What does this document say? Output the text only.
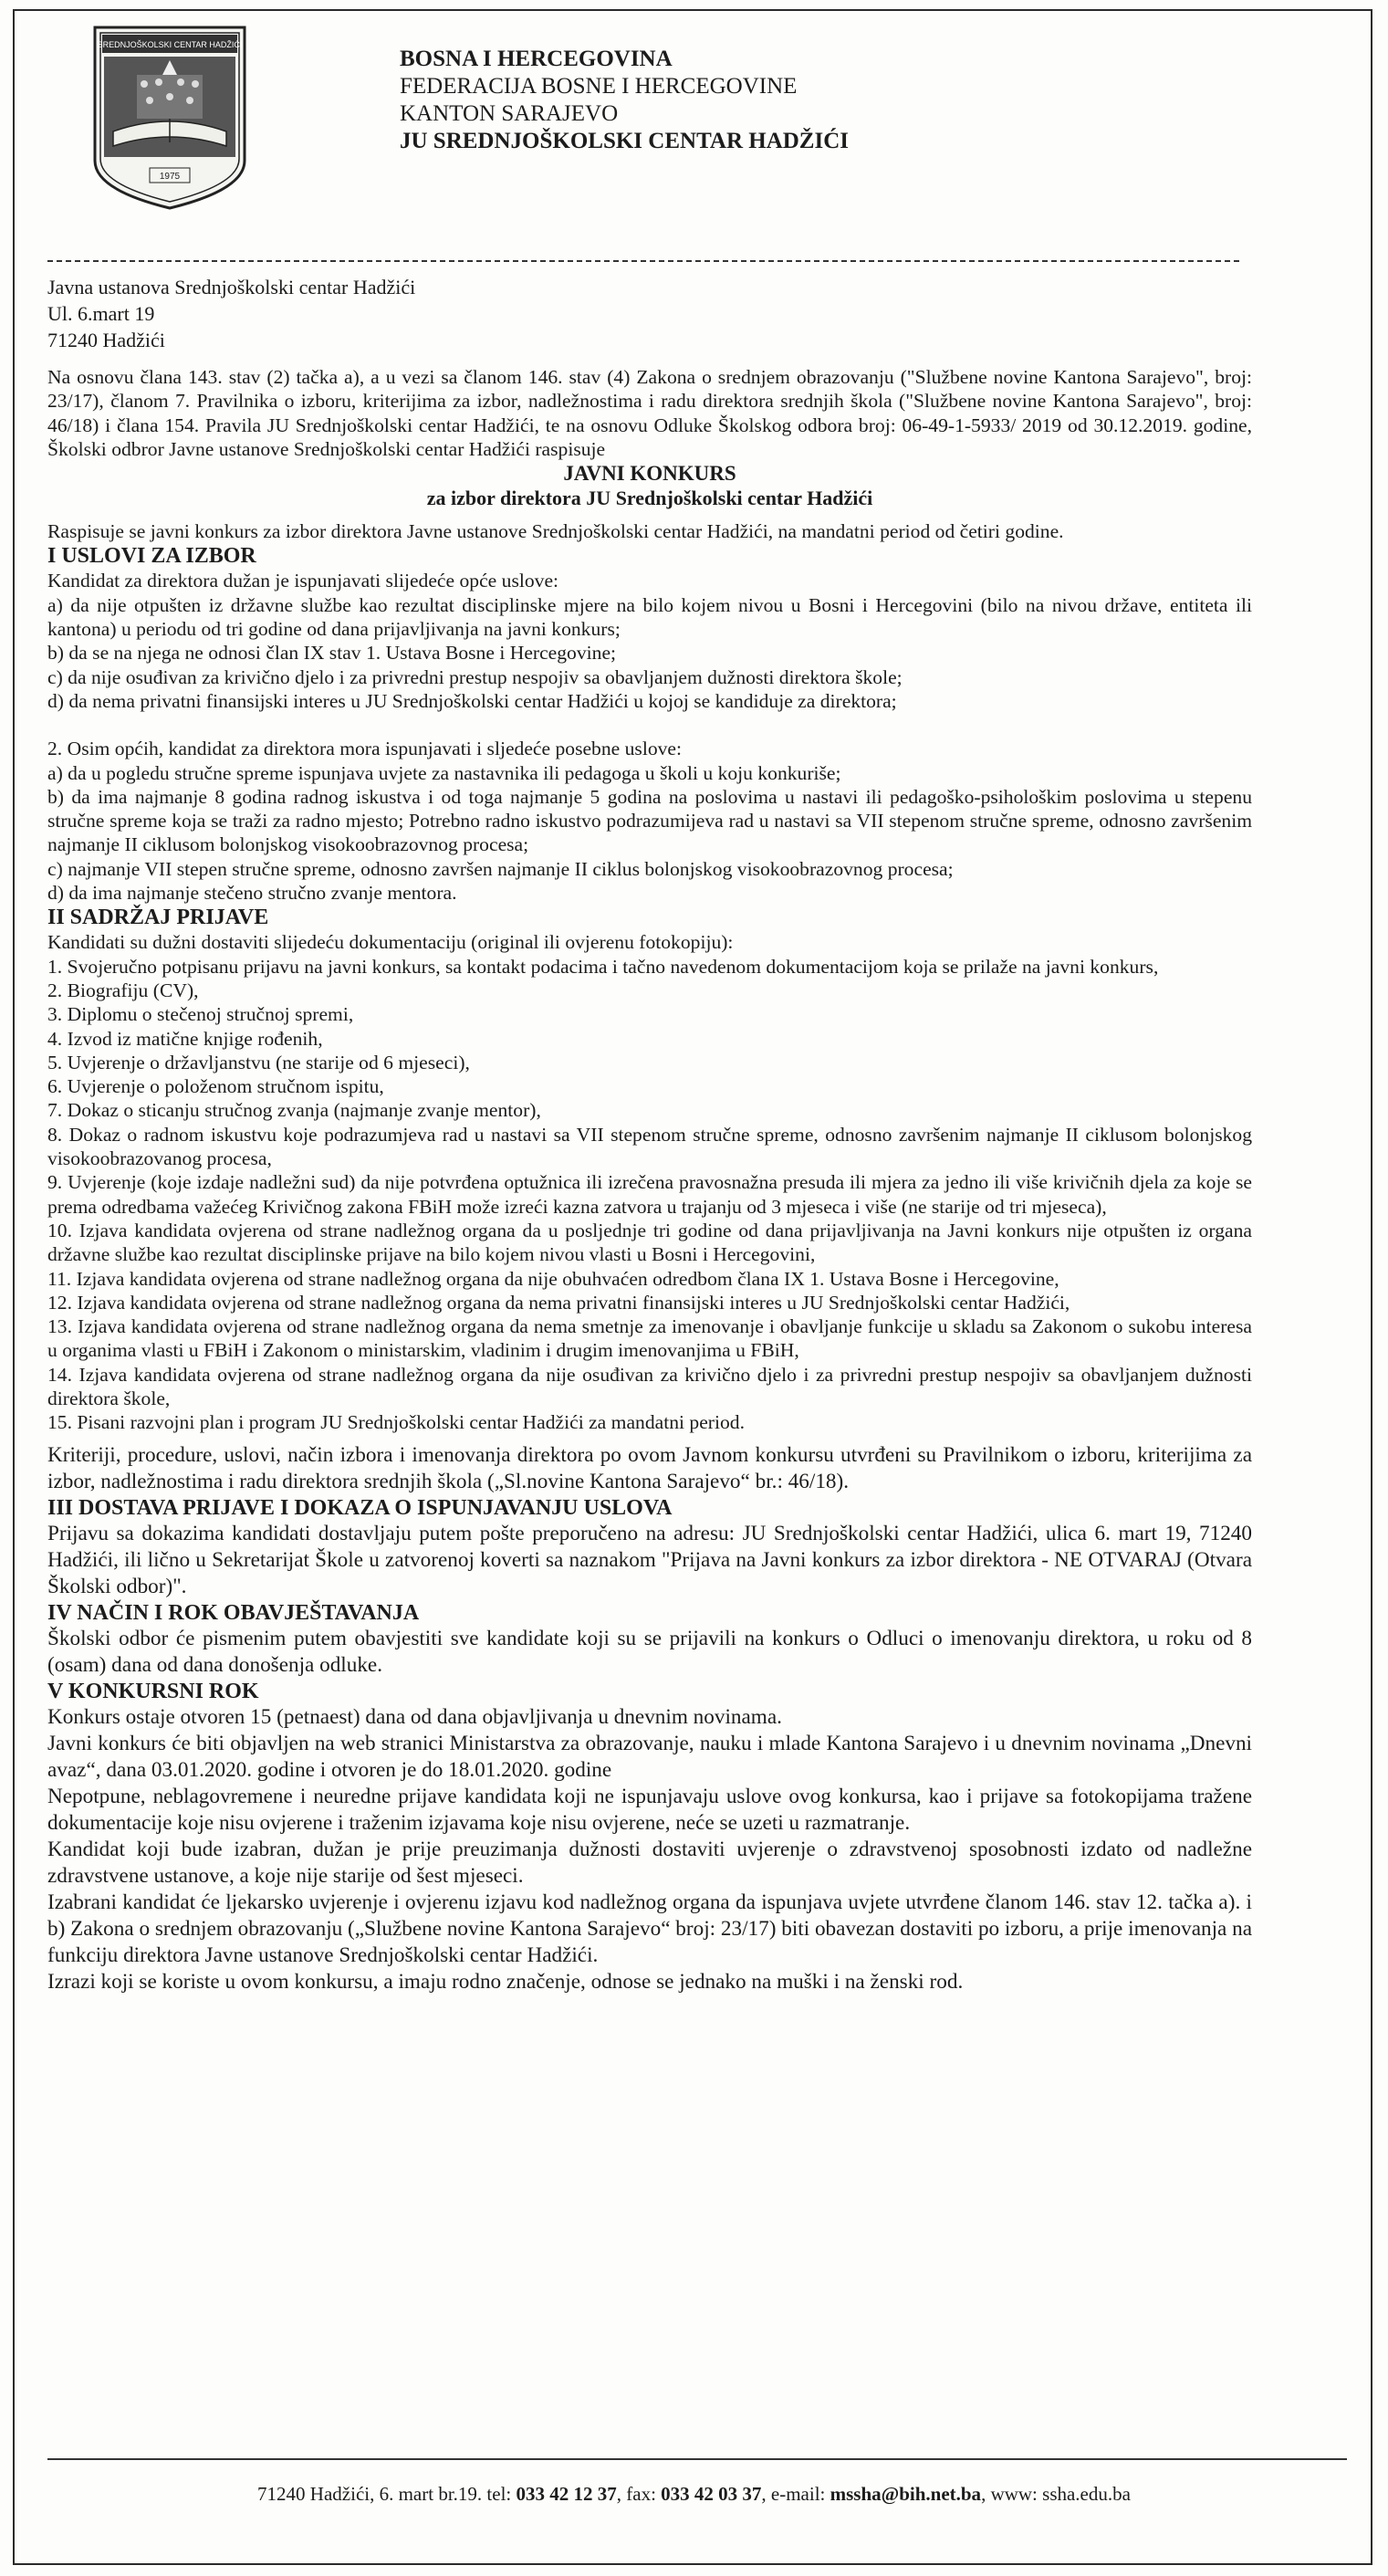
SREDNJOŠKOLSKI CENTAR HADŽIĆI
1975
BOSNA I HERCEGOVINA
FEDERACIJA BOSNE I HERCEGOVINE
KANTON SARAJEVO
JU SREDNJOŠKOLSKI CENTAR HADŽIĆI
Javna ustanova Srednjoškolski centar Hadžići
Ul. 6.mart 19
71240 Hadžići

Na osnovu člana 143. stav (2) tačka a), a u vezi sa članom 146. stav (4) Zakona o srednjem obrazovanju ("Službene novine Kantona Sarajevo", broj: 23/17), članom 7. Pravilnika o izboru, kriterijima za izbor, nadležnostima i radu direktora srednjih škola ("Službene novine Kantona Sarajevo", broj: 46/18) i člana 154. Pravila JU Srednjoškolski centar Hadžići, te na osnovu Odluke Školskog odbora broj: 06-49-1-5933/ 2019 od 30.12.2019. godine, Školski odbror Javne ustanove Srednjoškolski centar Hadžići raspisuje

JAVNI KONKURS
za izbor direktora JU Srednjoškolski centar Hadžići

Raspisuje se javni konkurs za izbor direktora Javne ustanove Srednjoškolski centar Hadžići, na mandatni period od četiri godine.

I USLOVI ZA IZBOR

Kandidat za direktora dužan je ispunjavati slijedeće opće uslove:

a) da nije otpušten iz državne službe kao rezultat disciplinske mjere na bilo kojem nivou u Bosni i Hercegovini (bilo na nivou države, entiteta ili kantona) u periodu od tri godine od dana prijavljivanja na javni konkurs;

b) da se na njega ne odnosi član IX stav 1. Ustava Bosne i Hercegovine;

c) da nije osuđivan za krivično djelo i za privredni prestup nespojiv sa obavljanjem dužnosti direktora škole;

d) da nema privatni finansijski interes u JU Srednjoškolski centar Hadžići u kojoj se kandiduje za direktora;

2. Osim općih, kandidat za direktora mora ispunjavati i sljedeće posebne uslove:

a) da u pogledu stručne spreme ispunjava uvjete za nastavnika ili pedagoga u školi u koju konkuriše;

b) da ima najmanje 8 godina radnog iskustva i od toga najmanje 5 godina na poslovima u nastavi ili pedagoško-psihološkim poslovima u stepenu stručne spreme koja se traži za radno mjesto; Potrebno radno iskustvo podrazumijeva rad u nastavi sa VII stepenom stručne spreme, odnosno završenim najmanje II ciklusom bolonjskog visokoobrazovnog procesa;

c) najmanje VII stepen stručne spreme, odnosno završen najmanje II ciklus bolonjskog visokoobrazovnog procesa;

d) da ima najmanje stečeno stručno zvanje mentora.

II SADRŽAJ PRIJAVE

Kandidati su dužni dostaviti slijedeću dokumentaciju (original ili ovjerenu fotokopiju):

1. Svojeručno potpisanu prijavu na javni konkurs, sa kontakt podacima i tačno navedenom dokumentacijom koja se prilaže na javni konkurs,

2. Biografiju (CV),

3. Diplomu o stečenoj stručnoj spremi,

4. Izvod iz matične knjige rođenih,

5. Uvjerenje o državljanstvu (ne starije od 6 mjeseci),

6. Uvjerenje o položenom stručnom ispitu,

7. Dokaz o sticanju stručnog zvanja (najmanje zvanje mentor),

8. Dokaz o radnom iskustvu koje podrazumjeva rad u nastavi sa VII stepenom stručne spreme, odnosno završenim najmanje II ciklusom bolonjskog visokoobrazovanog procesa,

9. Uvjerenje (koje izdaje nadležni sud) da nije potvrđena optužnica ili izrečena pravosnažna presuda ili mjera za jedno ili više krivičnih djela za koje se prema odredbama važećeg Krivičnog zakona FBiH može izreći kazna zatvora u trajanju od 3 mjeseca i više (ne starije od tri mjeseca),

10. Izjava kandidata ovjerena od strane nadležnog organa da u posljednje tri godine od dana prijavljivanja na Javni konkurs nije otpušten iz organa državne službe kao rezultat disciplinske prijave na bilo kojem nivou vlasti u Bosni i Hercegovini,

11. Izjava kandidata ovjerena od strane nadležnog organa da nije obuhvaćen odredbom člana IX 1. Ustava Bosne i Hercegovine,

12. Izjava kandidata ovjerena od strane nadležnog organa da nema privatni finansijski interes u JU Srednjoškolski centar Hadžići,

13. Izjava kandidata ovjerena od strane nadležnog organa da nema smetnje za imenovanje i obavljanje funkcije u skladu sa Zakonom o sukobu interesa u organima vlasti u FBiH i Zakonom o ministarskim, vladinim i drugim imenovanjima u FBiH,

14. Izjava kandidata ovjerena od strane nadležnog organa da nije osuđivan za krivično djelo i za privredni prestup nespojiv sa obavljanjem dužnosti direktora škole,

15. Pisani razvojni plan i program JU Srednjoškolski centar Hadžići za mandatni period.

Kriteriji, procedure, uslovi, način izbora i imenovanja direktora po ovom Javnom konkursu utvrđeni su Pravilnikom o izboru, kriterijima za izbor, nadležnostima i radu direktora srednjih škola („Sl.novine Kantona Sarajevo“ br.: 46/18).

III DOSTAVA PRIJAVE I DOKAZA O ISPUNJAVANJU USLOVA

Prijavu sa dokazima kandidati dostavljaju putem pošte preporučeno na adresu: JU Srednjoškolski centar Hadžići, ulica 6. mart 19, 71240 Hadžići, ili lično u Sekretarijat Škole u zatvorenoj koverti sa naznakom "Prijava na Javni konkurs za izbor direktora - NE OTVARAJ (Otvara Školski odbor)".

IV NAČIN I ROK OBAVJEŠTAVANJA

Školski odbor će pismenim putem obavjestiti sve kandidate koji su se prijavili na konkurs o Odluci o imenovanju direktora, u roku od 8 (osam) dana od dana donošenja odluke.

V KONKURSNI ROK

Konkurs ostaje otvoren 15 (petnaest) dana od dana objavljivanja u dnevnim novinama.

Javni konkurs će biti objavljen na web stranici Ministarstva za obrazovanje, nauku i mlade Kantona Sarajevo i u dnevnim novinama „Dnevni avaz“, dana 03.01.2020. godine i otvoren je do 18.01.2020. godine

Nepotpune, neblagovremene i neuredne prijave kandidata koji ne ispunjavaju uslove ovog konkursa, kao i prijave sa fotokopijama tražene dokumentacije koje nisu ovjerene i traženim izjavama koje nisu ovjerene, neće se uzeti u razmatranje.

Kandidat koji bude izabran, dužan je prije preuzimanja dužnosti dostaviti uvjerenje o zdravstvenoj sposobnosti izdato od nadležne zdravstvene ustanove, a koje nije starije od šest mjeseci.

Izabrani kandidat će ljekarsko uvjerenje i ovjerenu izjavu kod nadležnog organa da ispunjava uvjete utvrđene članom 146. stav 12. tačka a). i b) Zakona o srednjem obrazovanju („Službene novine Kantona Sarajevo“ broj: 23/17) biti obavezan dostaviti po izboru, a prije imenovanja na funkciju direktora Javne ustanove Srednjoškolski centar Hadžići.

Izrazi koji se koriste u ovom konkursu, a imaju rodno značenje, odnose se jednako na muški i na ženski rod.

71240 Hadžići, 6. mart br.19. tel: 033 42 12 37, fax: 033 42 03 37, e-mail: mssha@bih.net.ba, www: ssha.edu.ba
